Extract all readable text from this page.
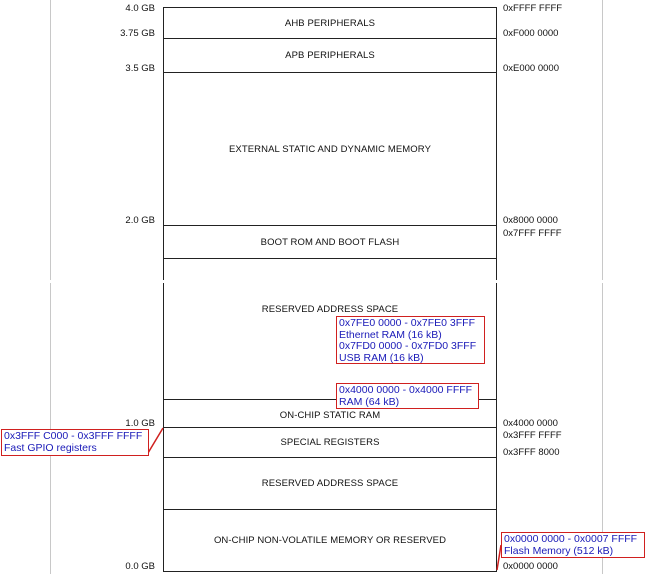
AHB PERIPHERALS
APB PERIPHERALS
EXTERNAL STATIC AND DYNAMIC MEMORY
BOOT ROM AND BOOT FLASH
RESERVED ADDRESS SPACE
ON-CHIP STATIC RAM
SPECIAL REGISTERS
RESERVED ADDRESS SPACE
ON-CHIP NON-VOLATILE MEMORY OR RESERVED
4.0 GB
3.75 GB
3.5 GB
2.0 GB
1.0 GB
0.0 GB
0xFFFF FFFF
0xF000 0000
0xE000 0000
0x8000 0000
0x7FFF FFFF
0x4000 0000
0x3FFF FFFF
0x3FFF 8000
0x0000 0000
0x7FE0 0000 - 0x7FE0 3FFF
Ethernet RAM (16 kB)
0x7FD0 0000 - 0x7FD0 3FFF
USB RAM (16 kB)
0x4000 0000 - 0x4000 FFFF
RAM (64 kB)
0x3FFF C000 - 0x3FFF FFFF
Fast GPIO registers
0x0000 0000 - 0x0007 FFFF
Flash Memory (512 kB)
